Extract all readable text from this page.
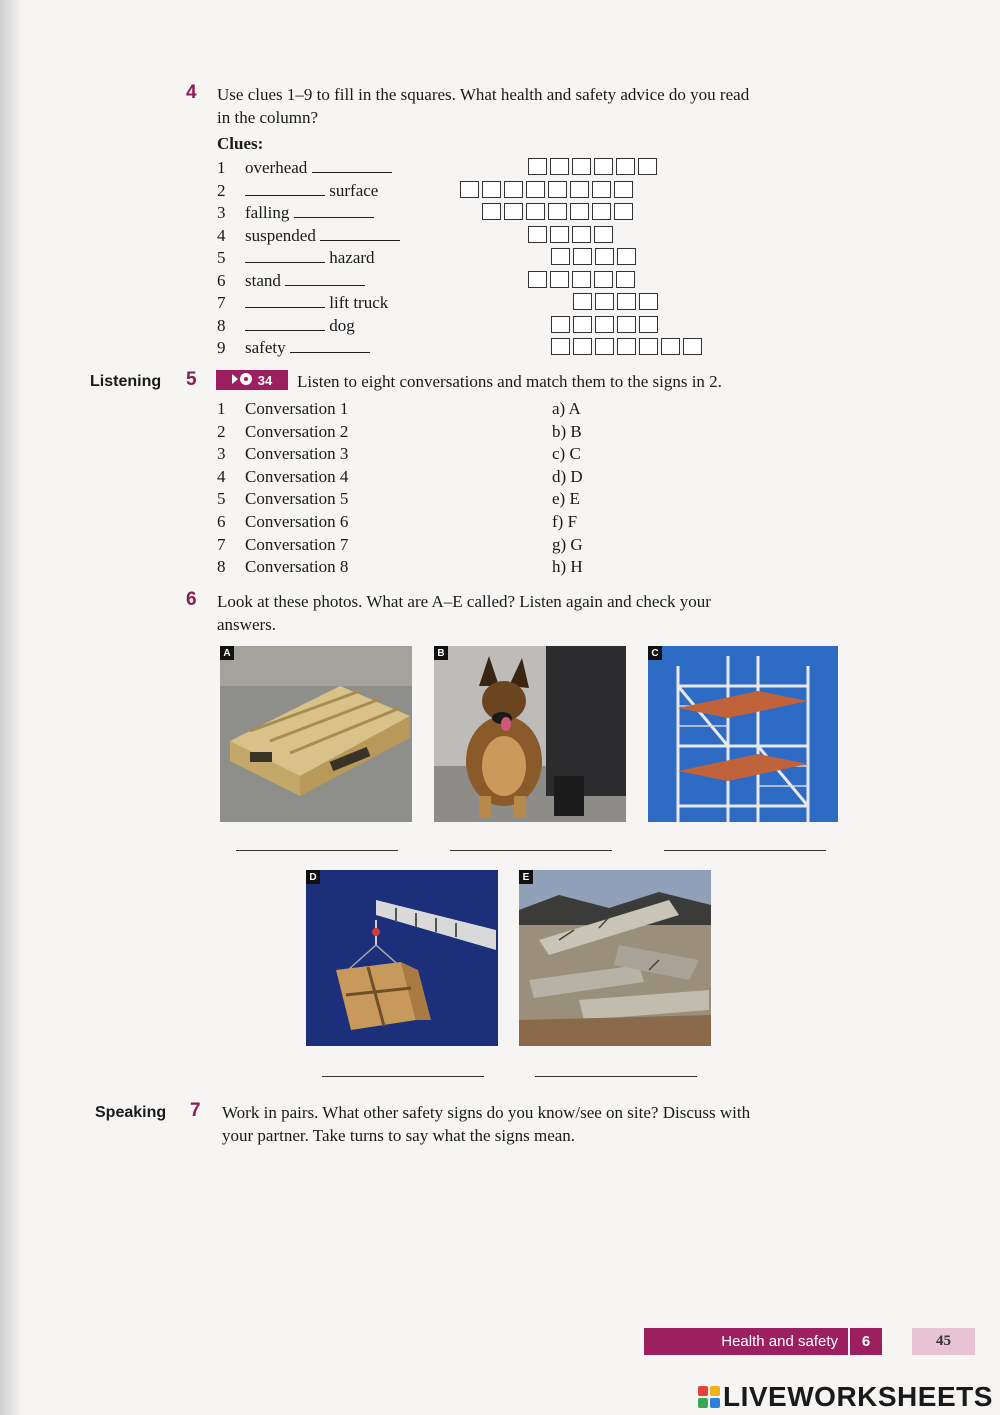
4 Use clues 1–9 to fill in the squares. What health and safety advice do you read
in the column?
Clues:
1 overhead
2	surface
3 falling
4 suspended
5	hazard
6 stand
7	lift truck
8	dog
9 safety
Listening 5	34 Listen to eight conversations and match them to the signs in 2.
1 Conversation 1
2 Conversation 2
3 Conversation 3
4 Conversation 4
5 Conversation 5
6 Conversation 6
7 Conversation 7
8 Conversation 8
a) A
b) B
c) C
d) D
e) E
f) F
g) G
h) H
6 Look at these photos. What are A–E called? Listen again and check your
answers.
A	B	C
D	E
Speaking 7 Work in pairs. What other safety signs do you know/see on site? Discuss with
your partner. Take turns to say what the signs mean.
Health and safety	6	45
LIVEWORKSHEETS
